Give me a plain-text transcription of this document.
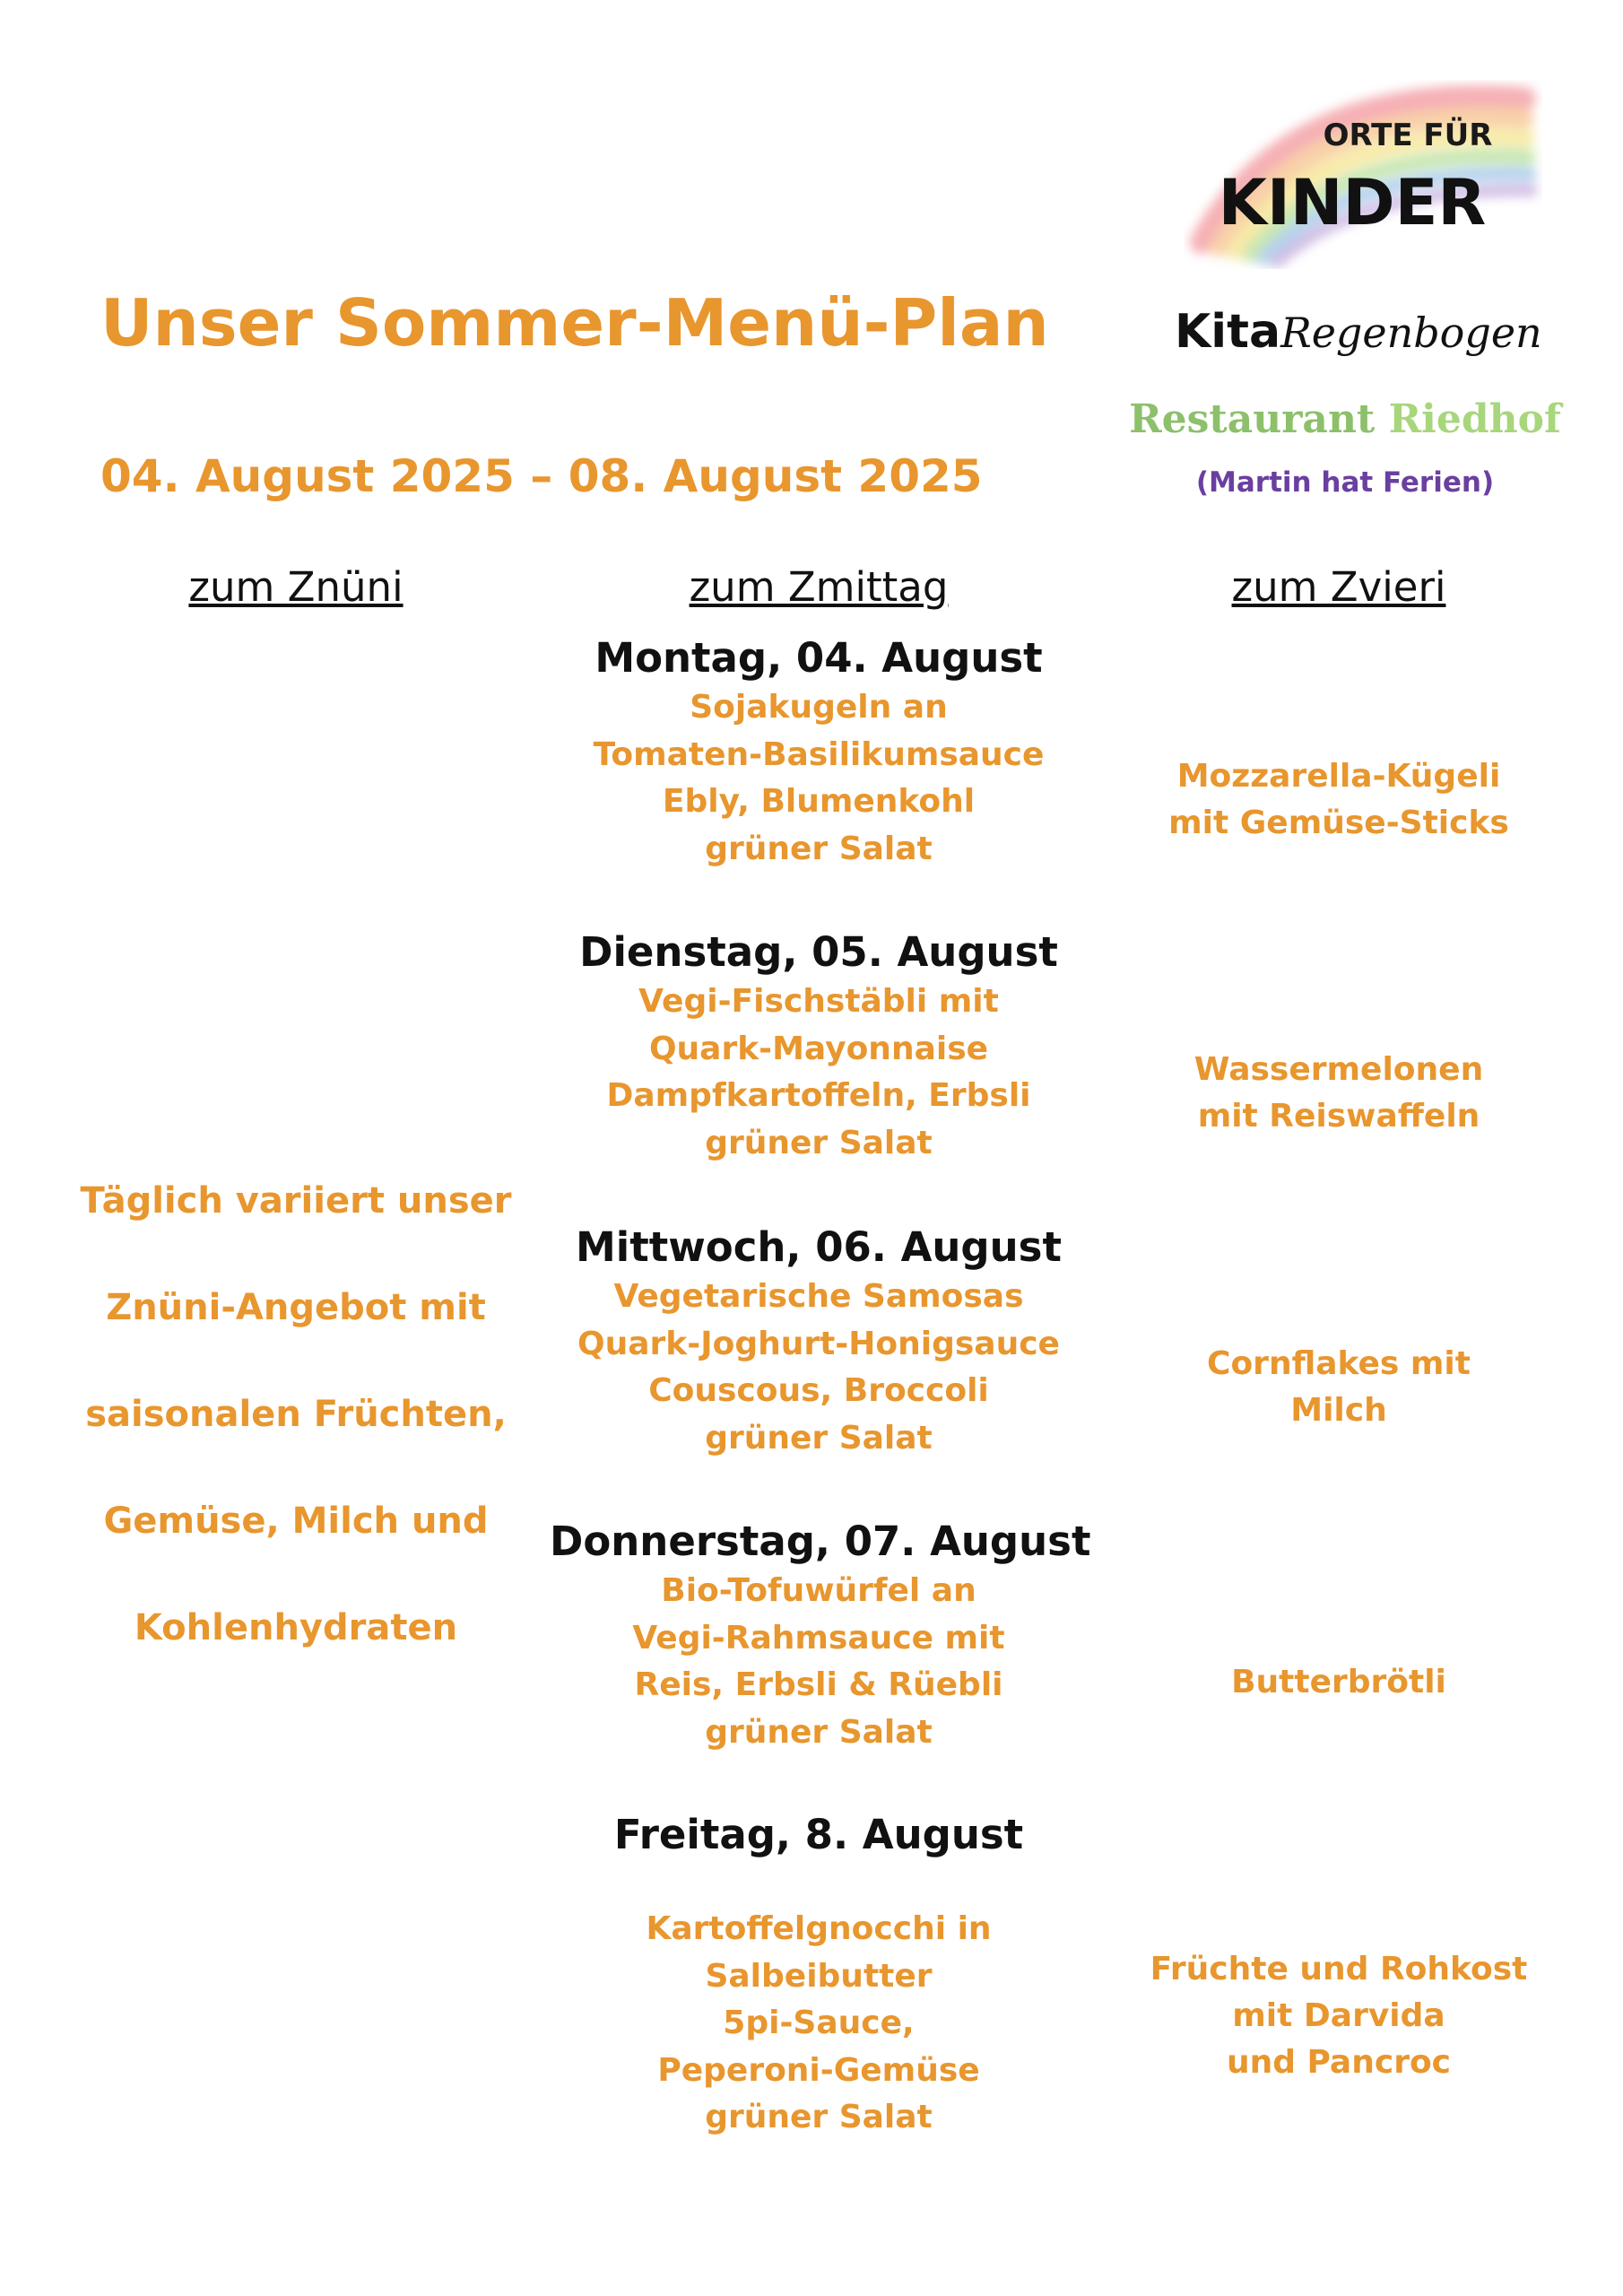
Unser Sommer-Menü-Plan
04. August 2025 – 08. August 2025
ORTE FÜR
KINDER
KitaRegenbogen
Restaurant Riedhof
(Martin hat Ferien)
zum Znüni	zum Zmittag	zum Zvieri
Täglich variiert unser
Znüni-Angebot mit
saisonalen Früchten,
Gemüse, Milch und
Kohlenhydraten
Montag, 04. August
Sojakugeln an
Tomaten-Basilikumsauce
Ebly, Blumenkohl
grüner Salat
Mozzarella-Kügeli
mit Gemüse-Sticks
Dienstag, 05. August
Vegi-Fischstäbli mit
Quark-Mayonnaise
Dampfkartoffeln, Erbsli
grüner Salat
Wassermelonen
mit Reiswaffeln
Mittwoch, 06. August
Vegetarische Samosas
Quark-Joghurt-Honigsauce
Couscous, Broccoli
grüner Salat
Cornflakes mit
Milch
Donnerstag, 07. August
Bio-Tofuwürfel an
Vegi-Rahmsauce mit
Reis, Erbsli & Rüebli
grüner Salat
Butterbrötli
Freitag, 8. August
Kartoffelgnocchi in
Salbeibutter
5pi-Sauce,
Peperoni-Gemüse
grüner Salat
Früchte und Rohkost
mit Darvida
und Pancroc
